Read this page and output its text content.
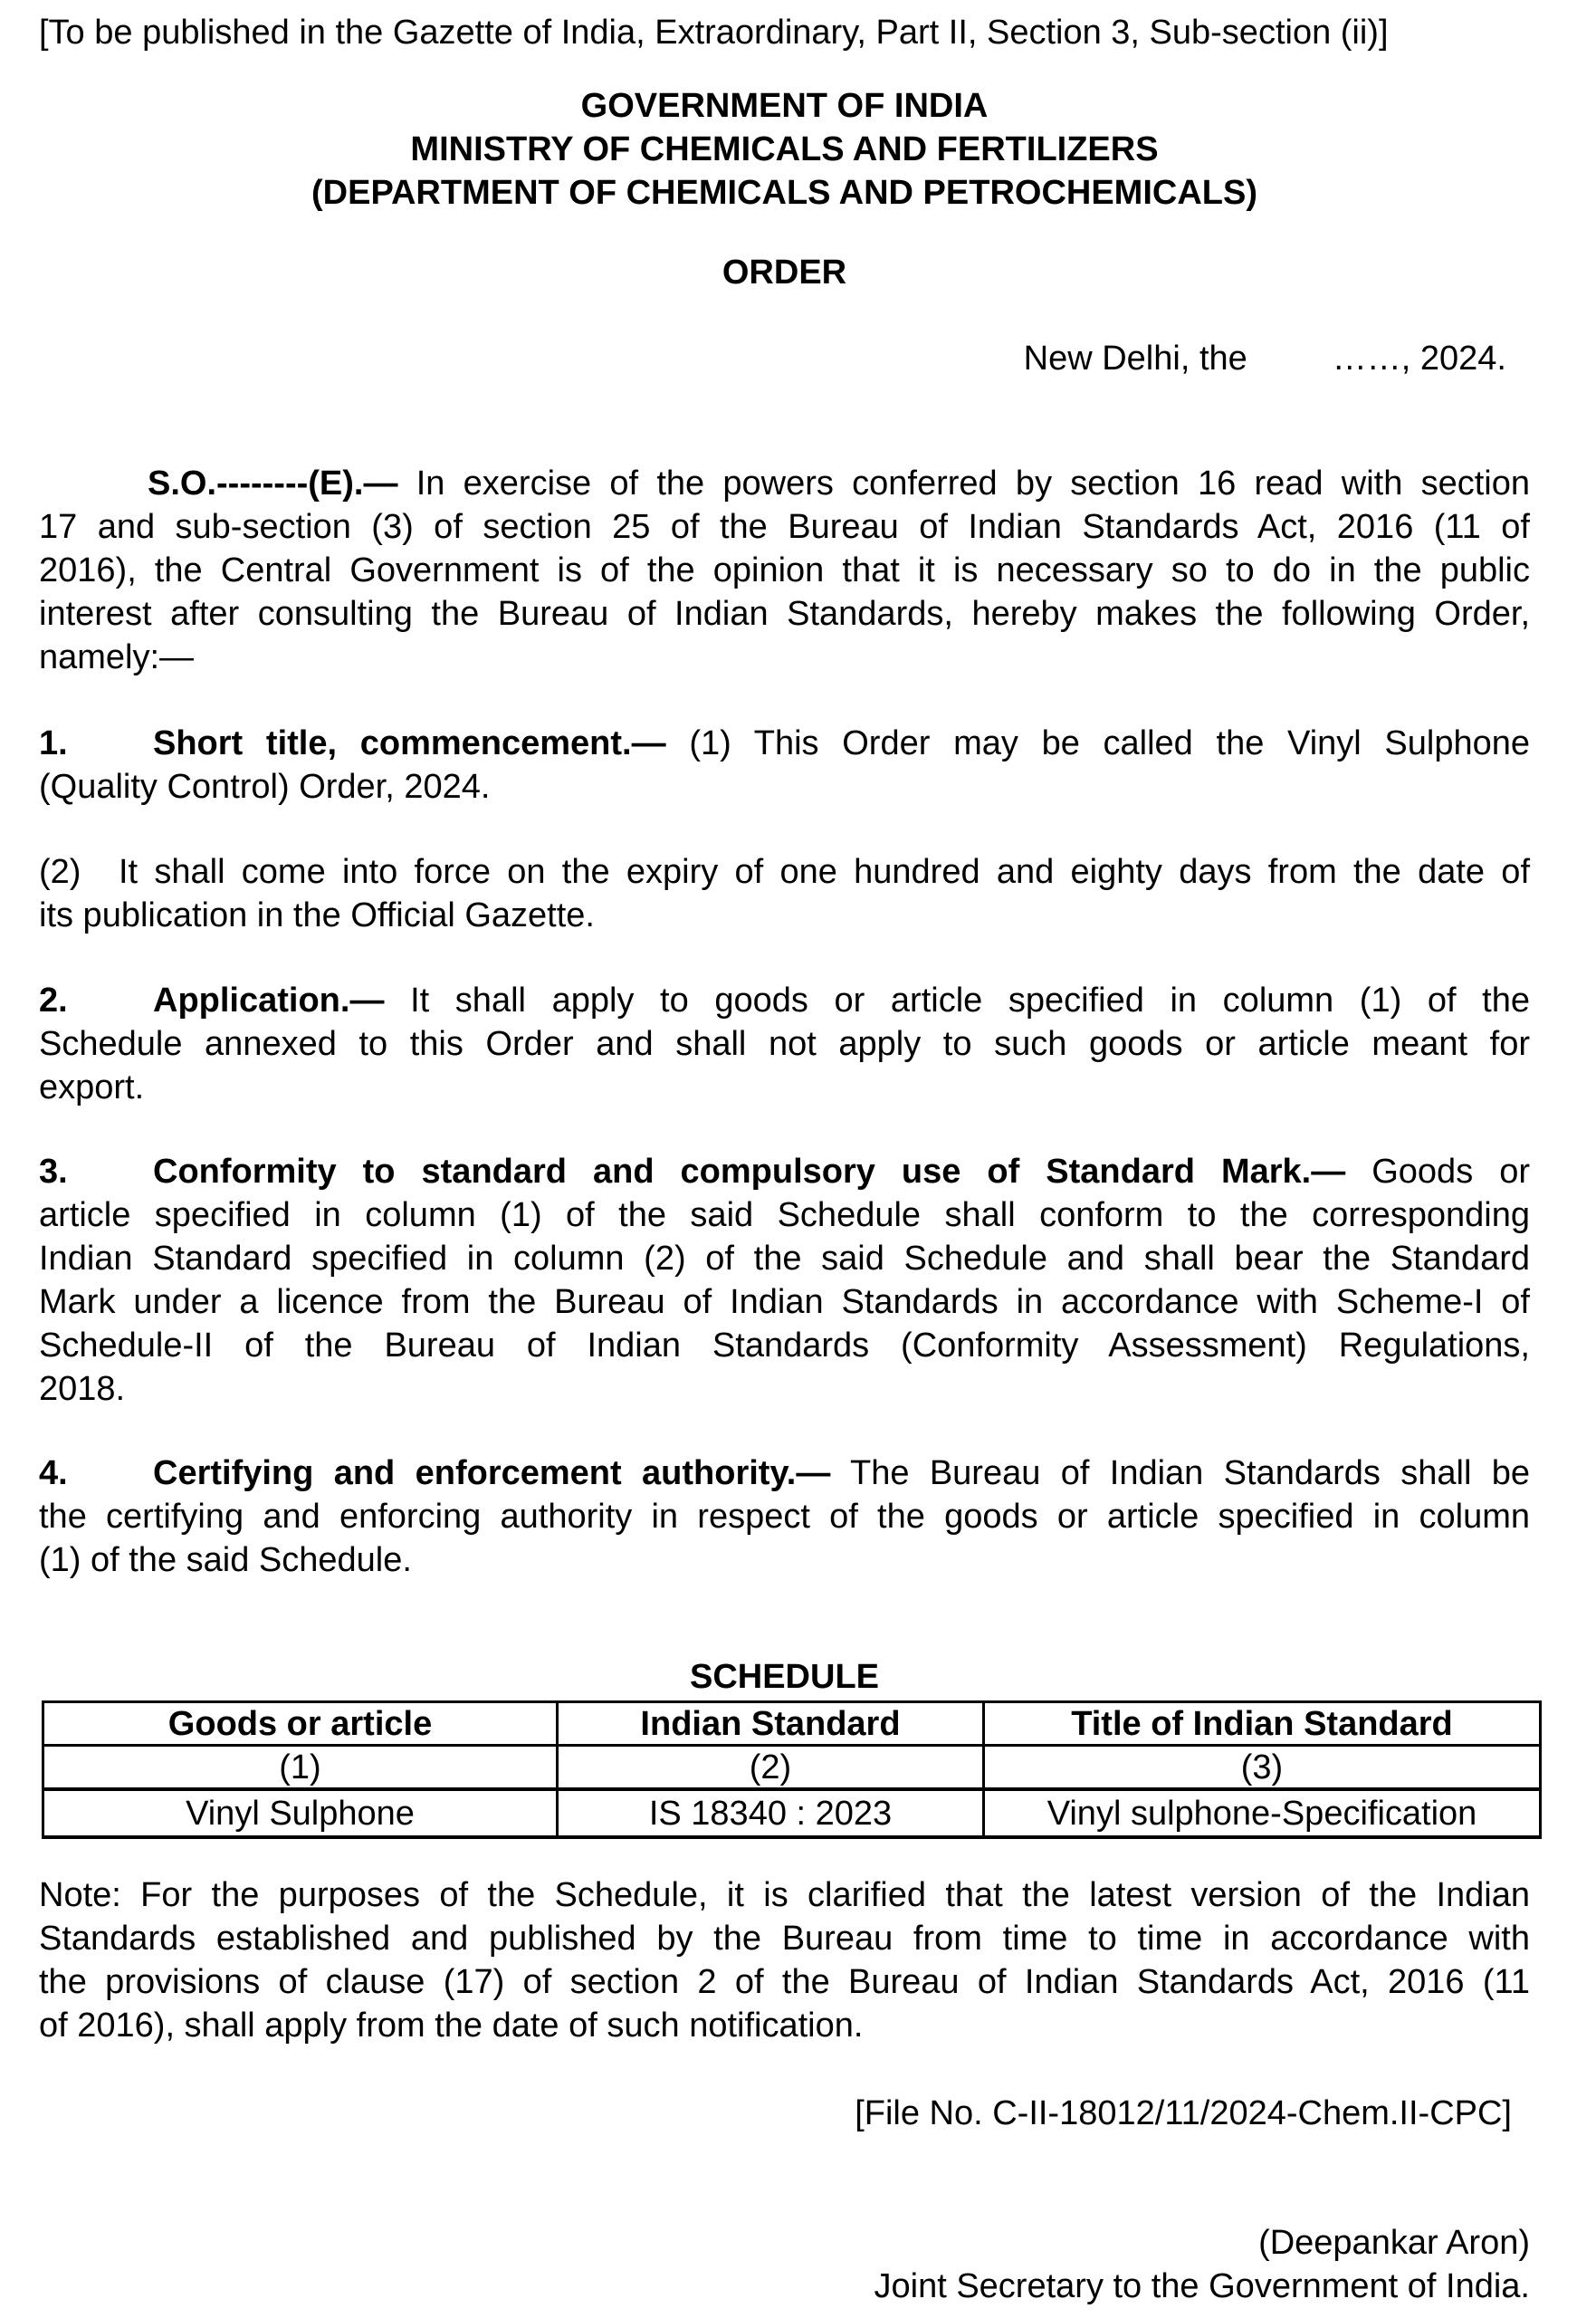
[To be published in the Gazette of India, Extraordinary, Part II, Section 3, Sub-section (ii)]

GOVERNMENT OF INDIA
MINISTRY OF CHEMICALS AND FERTILIZERS
(DEPARTMENT OF CHEMICALS AND PETROCHEMICALS)

ORDER

New Delhi, the ……, 2024.

S.O.--------(E).— In exercise of the powers conferred by section 16 read with section
17 and sub-section (3) of section 25 of the Bureau of Indian Standards Act, 2016 (11 of
2016), the Central Government is of the opinion that it is necessary so to do in the public
interest after consulting the Bureau of Indian Standards, hereby makes the following Order,
namely:—

1. Short title, commencement.— (1) This Order may be called the Vinyl Sulphone
(Quality Control) Order, 2024.

(2) It shall come into force on the expiry of one hundred and eighty days from the date of
its publication in the Official Gazette.

2. Application.— It shall apply to goods or article specified in column (1) of the
Schedule annexed to this Order and shall not apply to such goods or article meant for
export.

3. Conformity to standard and compulsory use of Standard Mark.— Goods or
article specified in column (1) of the said Schedule shall conform to the corresponding
Indian Standard specified in column (2) of the said Schedule and shall bear the Standard
Mark under a licence from the Bureau of Indian Standards in accordance with Scheme-I of
Schedule-II of the Bureau of Indian Standards (Conformity Assessment) Regulations,
2018.

4. Certifying and enforcement authority.— The Bureau of Indian Standards shall be
the certifying and enforcing authority in respect of the goods or article specified in column
(1) of the said Schedule.

SCHEDULE

Goods or article	Indian Standard	Title of Indian Standard
(1)	(2)	(3)
Vinyl Sulphone	IS 18340 : 2023	Vinyl sulphone-Specification

Note: For the purposes of the Schedule, it is clarified that the latest version of the Indian
Standards established and published by the Bureau from time to time in accordance with
the provisions of clause (17) of section 2 of the Bureau of Indian Standards Act, 2016 (11
of 2016), shall apply from the date of such notification.

[File No. C-II-18012/11/2024-Chem.II-CPC]

(Deepankar Aron)
Joint Secretary to the Government of India.
